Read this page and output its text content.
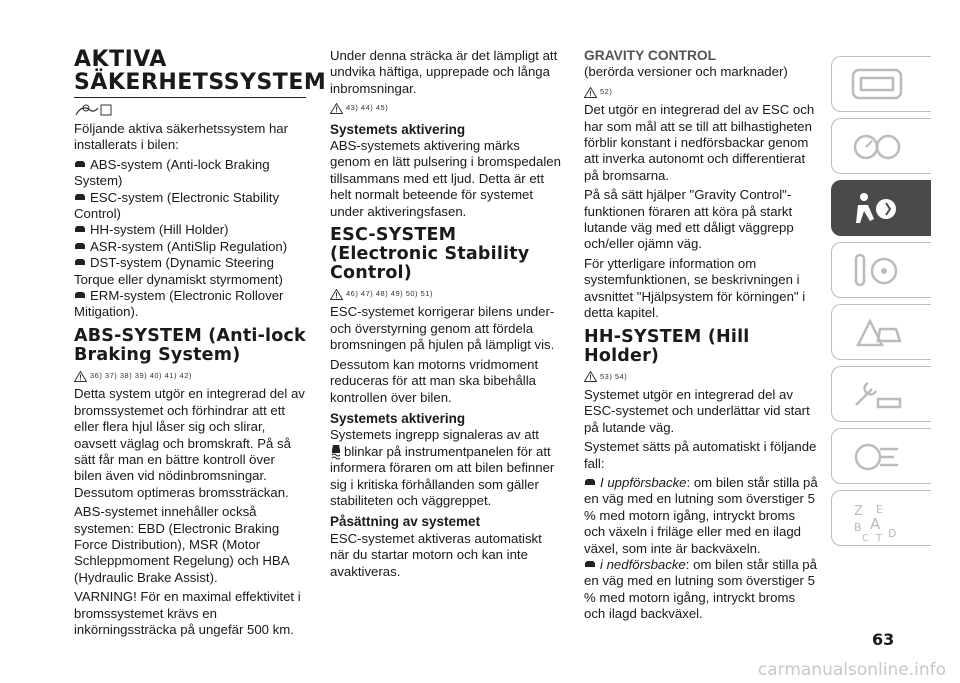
AKTIVA SÄKERHETSSYSTEM

Följande aktiva säkerhetssystem har installerats i bilen:

ABS-system (Anti-lock Braking System)

ESC-system (Electronic Stability Control)

HH-system (Hill Holder)

ASR-system (AntiSlip Regulation)

DST-system (Dynamic Steering Torque eller dynamiskt styrmoment)

ERM-system (Electronic Rollover Mitigation).

ABS-SYSTEM (Anti-lock Braking System)
36) 37) 38) 39) 40) 41) 42)

Detta system utgör en integrerad del av bromssystemet och förhindrar att ett eller flera hjul låser sig och slirar, oavsett väglag och bromskraft. På så sätt får man en bättre kontroll över bilen även vid nödinbromsningar. Dessutom optimeras bromssträckan.

ABS-systemet innehåller också systemen: EBD (Electronic Braking Force Distribution), MSR (Motor Schleppmoment Regelung) och HBA (Hydraulic Brake Assist).

VARNING! För en maximal effektivitet i bromssystemet krävs en inkörningssträcka på ungefär 500 km.

Under denna sträcka är det lämpligt att undvika häftiga, upprepade och långa inbromsningar.

43) 44) 45)
Systemets aktivering

ABS-systemets aktivering märks genom en lätt pulsering i bromspedalen tillsammans med ett ljud. Detta är ett helt normalt beteende för systemet under aktiveringsfasen.

ESC-SYSTEM (Electronic Stability Control)
46) 47) 48) 49) 50) 51)

ESC-systemet korrigerar bilens under- och överstyrning genom att fördela bromsningen på hjulen på lämpligt vis.

Dessutom kan motorns vridmoment reduceras för att man ska bibehålla kontrollen över bilen.

Systemets aktivering

Systemets ingrepp signaleras av att
blinkar på instrumentpanelen för att informera föraren om att bilen befinner sig i kritiska förhållanden som gäller stabiliteten och väggreppet.

Påsättning av systemet

ESC-systemet aktiveras automatiskt när du startar motorn och kan inte avaktiveras.

GRAVITY CONTROL

(berörda versioner och marknader)

52)

Det utgör en integrerad del av ESC och har som mål att se till att bilhastigheten förblir konstant i nedförsbackar genom att inverka autonomt och differentierat på bromsarna.

På så sätt hjälper "Gravity Control"-funktionen föraren att köra på starkt lutande väg med ett dåligt väggrepp och/eller ojämn väg.

För ytterligare information om systemfunktionen, se beskrivningen i avsnittet "Hjälpsystem för körningen" i detta kapitel.

HH-SYSTEM (Hill Holder)
53) 54)

Systemet utgör en integrerad del av ESC-systemet och underlättar vid start på lutande väg.

Systemet sätts på automatiskt i följande fall:

I uppförsbacke: om bilen står stilla på en väg med en lutning som överstiger 5 % med motorn igång, intryckt broms och växeln i friläge eller med en ilagd växel, som inte är backväxeln.

i nedförsbacke: om bilen står stilla på en väg med en lutning som överstiger 5 % med motorn igång, intryckt broms och ilagd backväxel.

Z E
B A
C T D
63
carmanualsonline.info
